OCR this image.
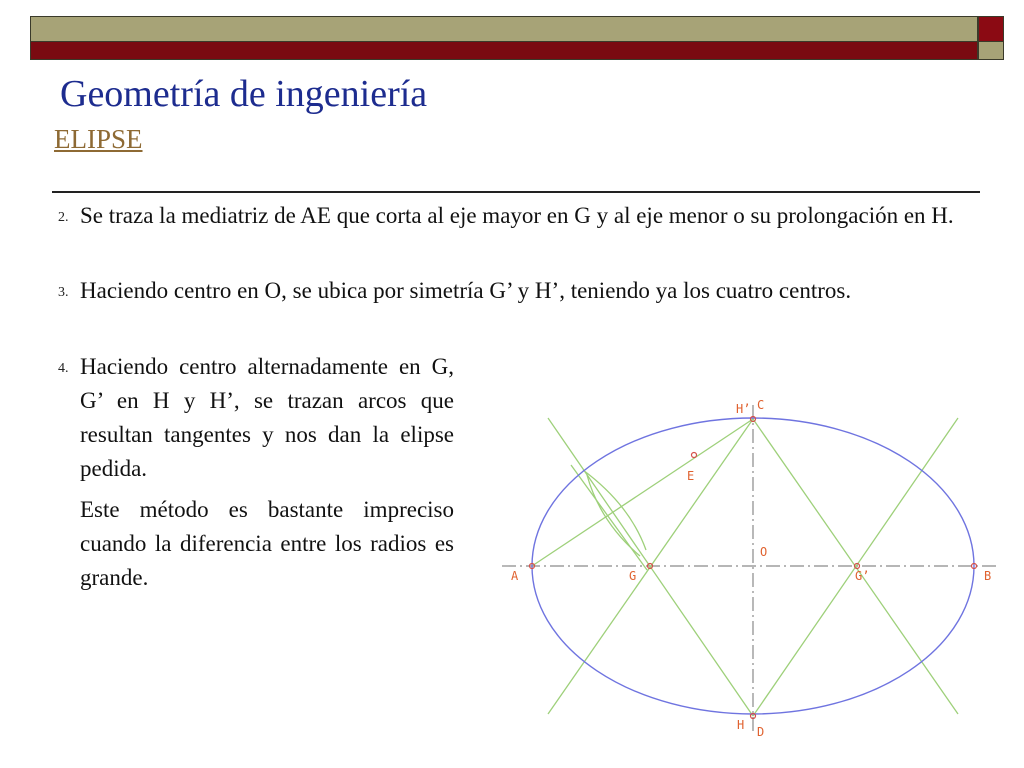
Geometría de ingeniería
ELIPSE
2. Se traza la mediatriz de AE que corta al eje mayor en G y al eje menor o su prolongación en H.
3. Haciendo centro en O, se ubica por simetría G’ y H’, teniendo ya los cuatro centros.
4. Haciendo centro alternadamente en G, G’ en H y H’, se trazan arcos que resultan tangentes y nos dan la elipse pedida.
Este método es bastante impreciso cuando la diferencia entre los radios es grande.	A	B
C
H’
O
E
G	G’
H D
